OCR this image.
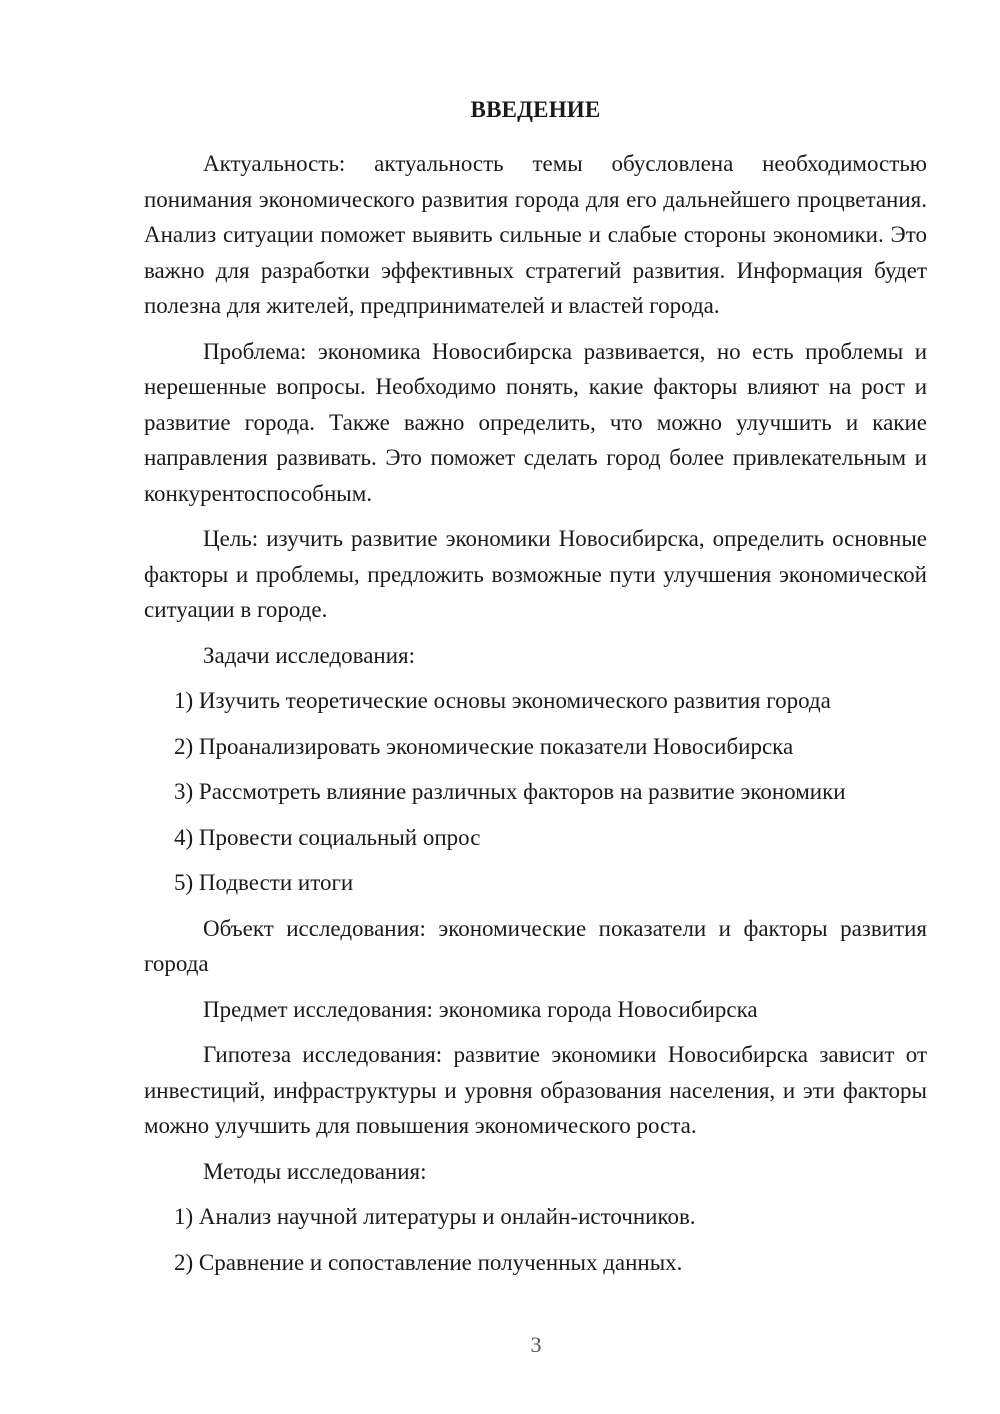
ВВЕДЕНИЕ

Актуальность: актуальность темы обусловлена необходимостью понимания экономического развития города для его дальнейшего процветания. Анализ ситуации поможет выявить сильные и слабые стороны экономики. Это важно для разработки эффективных стратегий развития. Информация будет полезна для жителей, предпринимателей и властей города.

Проблема: экономика Новосибирска развивается, но есть проблемы и нерешенные вопросы. Необходимо понять, какие факторы влияют на рост и развитие города. Также важно определить, что можно улучшить и какие направления развивать. Это поможет сделать город более привлекательным и конкурентоспособным.

Цель: изучить развитие экономики Новосибирска, определить основные факторы и проблемы, предложить возможные пути улучшения экономической ситуации в городе.

Задачи исследования:

1) Изучить теоретические основы экономического развития города
2) Проанализировать экономические показатели Новосибирска
3) Рассмотреть влияние различных факторов на развитие экономики
4) Провести социальный опрос
5) Подвести итоги

Объект исследования: экономические показатели и факторы развития города

Предмет исследования: экономика города Новосибирска

Гипотеза исследования: развитие экономики Новосибирска зависит от инвестиций, инфраструктуры и уровня образования населения, и эти факторы можно улучшить для повышения экономического роста.

Методы исследования:

1) Анализ научной литературы и онлайн-источников.
2) Сравнение и сопоставление полученных данных.
3
